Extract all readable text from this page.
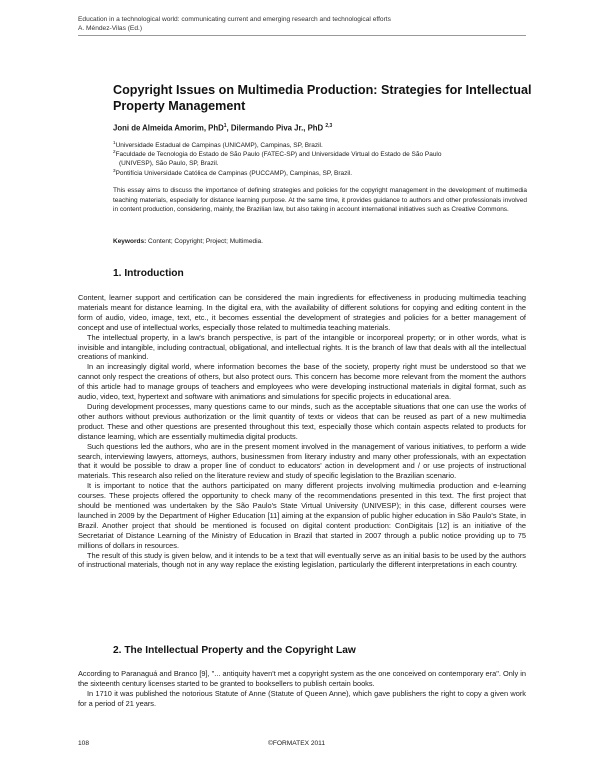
Education in a technological world: communicating current and emerging research and technological efforts
A. Méndez-Vilas (Ed.)
Copyright Issues on Multimedia Production: Strategies for Intellectual Property Management
Joni de Almeida Amorim, PhD$^1$, Dilermando Piva Jr., PhD $^{2,3}$
$^1$Universidade Estadual de Campinas (UNICAMP), Campinas, SP, Brazil.
$^2$Faculdade de Tecnologia do Estado de São Paulo (FATEC-SP) and Universidade Virtual do Estado de São Paulo
(UNIVESP), São Paulo, SP, Brazil.
$^3$Pontifícia Universidade Católica de Campinas (PUCCAMP), Campinas, SP, Brazil.
This essay aims to discuss the importance of defining strategies and policies for the copyright management in the development of multimedia teaching materials, especially for distance learning purpose. At the same time, it provides guidance to authors and other professionals involved in content production, considering, mainly, the Brazilian law, but also taking in account international initiatives such as Creative Commons.
Keywords: Content; Copyright; Project; Multimedia.
1. Introduction

Content, learner support and certification can be considered the main ingredients for effectiveness in producing multimedia teaching materials meant for distance learning. In the digital era, with the availability of different solutions for copying and editing content in the form of audio, video, image, text, etc., it becomes essential the development of strategies and policies for a better management of concept and use of intellectual works, especially those related to multimedia teaching materials.

The intellectual property, in a law's branch perspective, is part of the intangible or incorporeal property; or in other words, what is invisible and intangible, including contractual, obligational, and intellectual rights. It is the branch of law that deals with all the intellectual creations of mankind.

In an increasingly digital world, where information becomes the base of the society, property right must be understood so that we cannot only respect the creations of others, but also protect ours. This concern has become more relevant from the moment the authors of this article had to manage groups of teachers and employees who were developing instructional materials in digital format, such as audio, video, text, hypertext and software with animations and simulations for specific projects in educational area.

During development processes, many questions came to our minds, such as the acceptable situations that one can use the works of other authors without previous authorization or the limit quantity of texts or videos that can be reused as part of a new multimedia product. These and other questions are presented throughout this text, especially those which contain aspects related to products for distance learning, which are essentially multimedia digital products.

Such questions led the authors, who are in the present moment involved in the management of various initiatives, to perform a wide search, interviewing lawyers, attorneys, authors, businessmen from literary industry and many other professionals, with an expectation that it would be possible to draw a proper line of conduct to educators' action in development and / or use projects of instructional materials. This research also relied on the literature review and study of specific legislation to the Brazilian scenario.

It is important to notice that the authors participated on many different projects involving multimedia production and e-learning courses. These projects offered the opportunity to check many of the recommendations presented in this text. The first project that should be mentioned was undertaken by the São Paulo's State Virtual University (UNIVESP); in this case, different courses were launched in 2009 by the Department of Higher Education [11] aiming at the expansion of public higher education in São Paulo's State, in Brazil. Another project that should be mentioned is focused on digital content production: ConDigitais [12] is an initiative of the Secretariat of Distance Learning of the Ministry of Education in Brazil that started in 2007 through a public notice providing up to 75 millions of dollars in resources.

The result of this study is given below, and it intends to be a text that will eventually serve as an initial basis to be used by the authors of instructional materials, though not in any way replace the existing legislation, particularly the different interpretations in each country.

2. The Intellectual Property and the Copyright Law

According to Paranaguá and Branco [9], "... antiquity haven't met a copyright system as the one conceived on contemporary era". Only in the sixteenth century licenses started to be granted to booksellers to publish certain books.

In 1710 it was published the notorious Statute of Anne (Statute of Queen Anne), which gave publishers the right to copy a given work for a period of 21 years.

108	©FORMATEX 2011
